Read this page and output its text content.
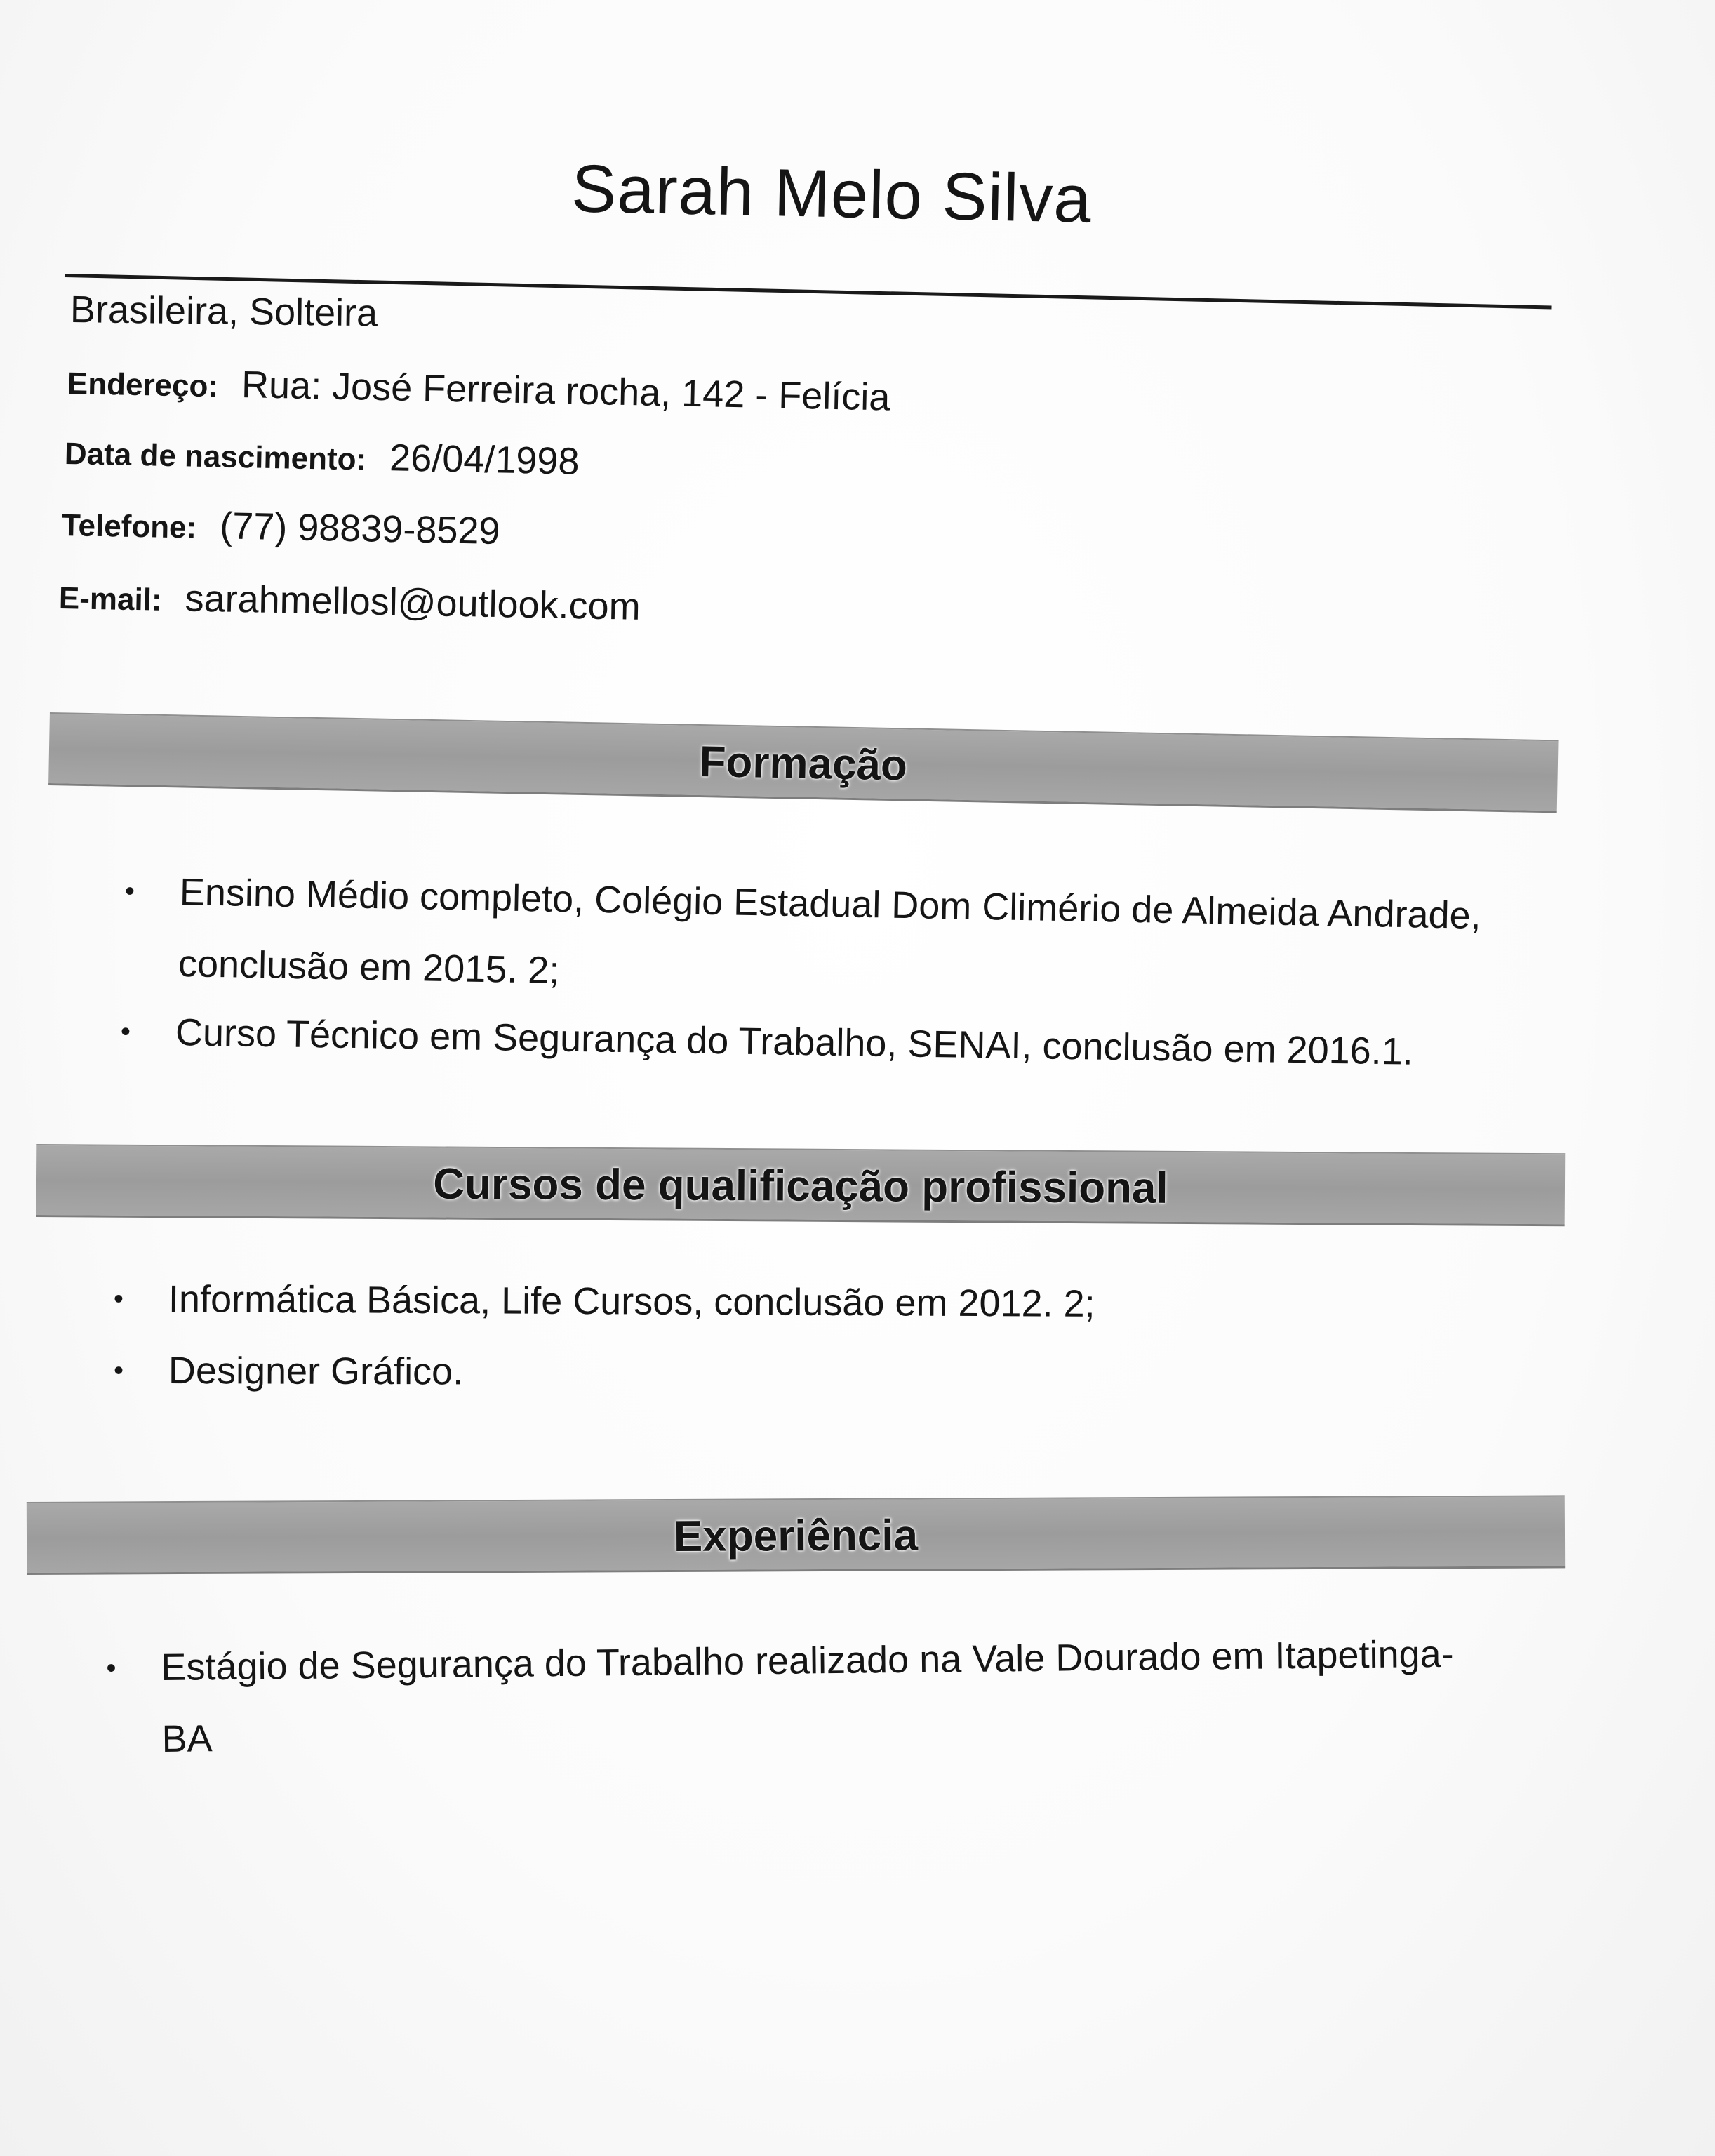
Sarah Melo Silva
Brasileira, Solteira
Endereço: Rua: José Ferreira rocha, 142 - Felícia
Data de nascimento: 26/04/1998
Telefone: (77) 98839-8529
E-mail: sarahmellosl@outlook.com
Formação
• Ensino Médio completo, Colégio Estadual Dom Climério de Almeida Andrade,
conclusão em 2015. 2;
• Curso Técnico em Segurança do Trabalho, SENAI, conclusão em 2016.1.
Cursos de qualificação profissional
• Informática Básica, Life Cursos, conclusão em 2012. 2;
• Designer Gráfico.
Experiência
• Estágio de Segurança do Trabalho realizado na Vale Dourado em Itapetinga-
BA
